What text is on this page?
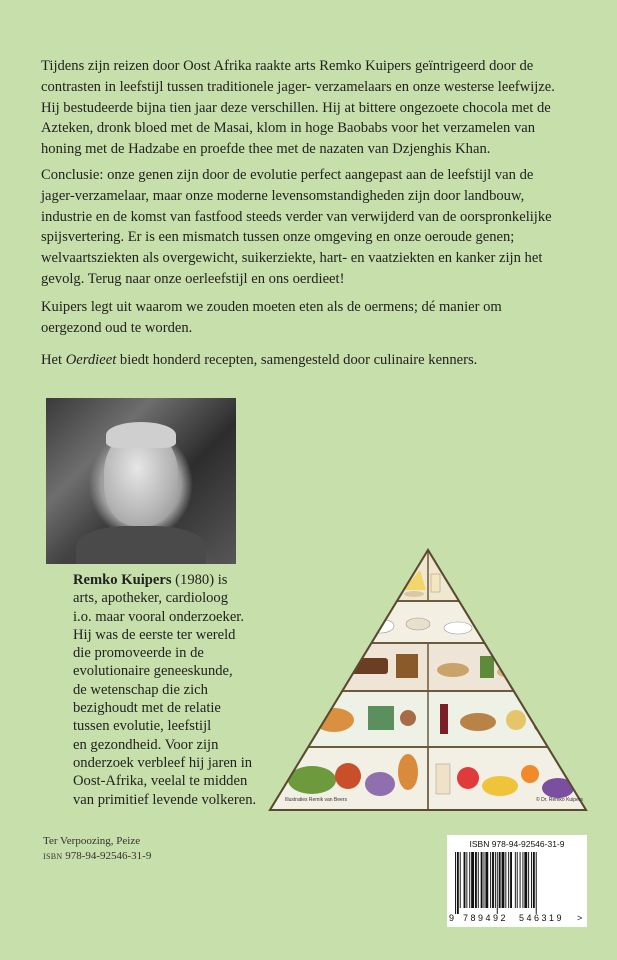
Tijdens zijn reizen door Oost Afrika raakte arts Remko Kuipers geïntrigeerd door de
contrasten in leefstijl tussen traditionele jager- verzamelaars en onze westerse leefwijze.
Hij bestudeerde bijna tien jaar deze verschillen. Hij at bittere ongezoete chocola met de
Azteken, dronk bloed met de Masai, klom in hoge Baobabs voor het verzamelen van
honing met de Hadzabe en proefde thee met de nazaten van Dzjenghis Khan.

Conclusie: onze genen zijn door de evolutie perfect aangepast aan de leefstijl van de
jager-verzamelaar, maar onze moderne levensomstandigheden zijn door landbouw,
industrie en de komst van fastfood steeds verder van verwijderd van de oorspronkelijke
spijsvertering. Er is een mismatch tussen onze omgeving en onze oeroude genen;
welvaartsziekten als overgewicht, suikerziekte, hart- en vaatziekten en kanker zijn het
gevolg. Terug naar onze oerleefstijl en ons oerdieet!

Kuipers legt uit waarom we zouden moeten eten als de oermens; dé manier om
oergezond oud te worden.

Het Oerdieet biedt honderd recepten, samengesteld door culinaire kenners.

Remko Kuipers (1980) is
arts, apotheker, cardioloog
i.o. maar vooral onderzoeker.
Hij was de eerste ter wereld
die promoveerde in de
evolutionaire geneeskunde,
de wetenschap die zich
bezighoudt met de relatie
tussen evolutie, leefstijl
en gezondheid. Voor zijn
onderzoek verbleef hij jaren in
Oost-Afrika, veelal te midden
van primitief levende volkeren.	Illustraties Remik van Beers	© Dr. Remko Kuipers
Ter Verpoozing, Peize
isbn 978-94-92546-31-9
ISBN 978-94-92546-31-9
9 789492 546319 >
